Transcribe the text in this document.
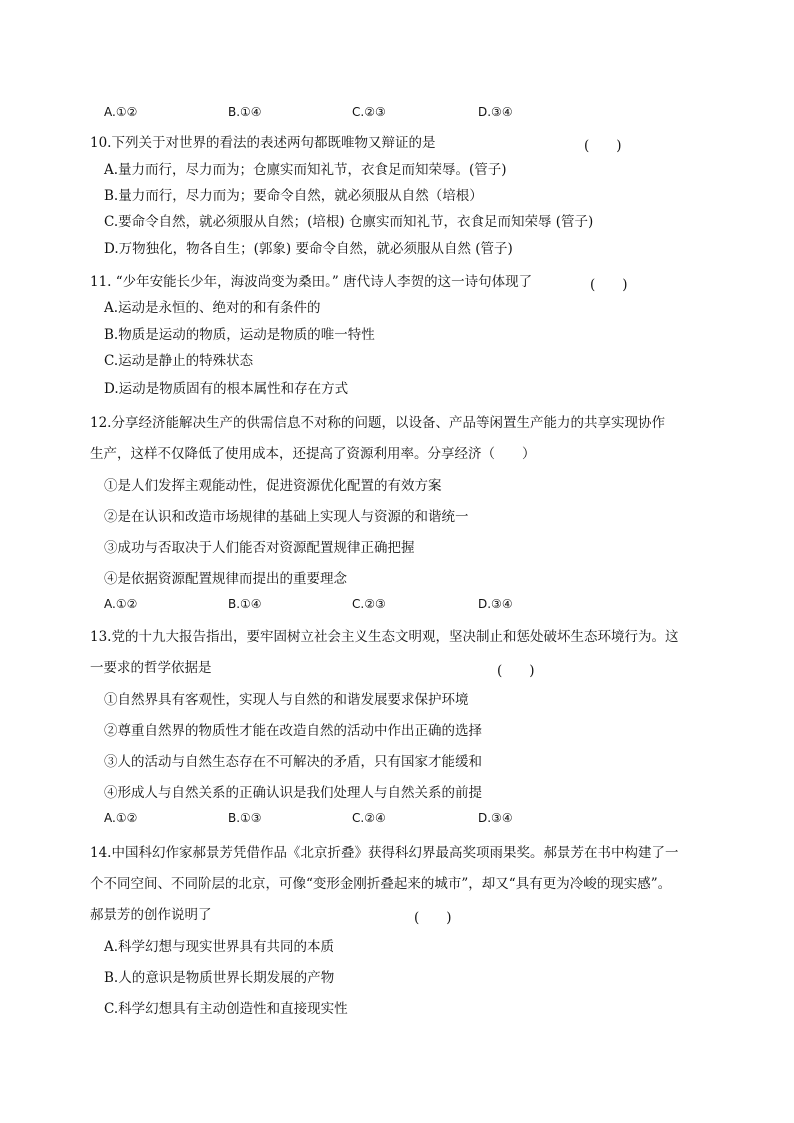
A.①②	B.①④	C.②③	D.③④
10.下列关于对世界的看法的表述两句都既唯物又辩证的是	(　　)
A.量力而行，尽力而为；仓廪实而知礼节，衣食足而知荣辱。(管子)
B.量力而行，尽力而为；要命令自然，就必须服从自然（培根）
C.要命令自然，就必须服从自然；(培根) 仓廪实而知礼节，衣食足而知荣辱 (管子)
D.万物独化，物各自生；(郭象) 要命令自然，就必须服从自然 (管子)
11. “少年安能长少年，海波尚变为桑田。” 唐代诗人李贺的这一诗句体现了	(　　)
A.运动是永恒的、绝对的和有条件的
B.物质是运动的物质，运动是物质的唯一特性
C.运动是静止的特殊状态
D.运动是物质固有的根本属性和存在方式
12.分享经济能解决生产的供需信息不对称的问题，以设备、产品等闲置生产能力的共享实现协作
生产，这样不仅降低了使用成本，还提高了资源利用率。分享经济（　　）
①是人们发挥主观能动性，促进资源优化配置的有效方案
②是在认识和改造市场规律的基础上实现人与资源的和谐统一
③成功与否取决于人们能否对资源配置规律正确把握
④是依据资源配置规律而提出的重要理念
A.①②	B.①④	C.②③	D.③④
13.党的十九大报告指出，要牢固树立社会主义生态文明观，坚决制止和惩处破坏生态环境行为。这
一要求的哲学依据是	(　　)
①自然界具有客观性，实现人与自然的和谐发展要求保护环境
②尊重自然界的物质性才能在改造自然的活动中作出正确的选择
③人的活动与自然生态存在不可解决的矛盾，只有国家才能缓和
④形成人与自然关系的正确认识是我们处理人与自然关系的前提
A.①②	B.①③	C.②④	D.③④
14.中国科幻作家郝景芳凭借作品《北京折叠》获得科幻界最高奖项雨果奖。郝景芳在书中构建了一
个不同空间、不同阶层的北京，可像“变形金刚折叠起来的城市”，却又“具有更为冷峻的现实感”。
郝景芳的创作说明了	(　　)
A.科学幻想与现实世界具有共同的本质
B.人的意识是物质世界长期发展的产物
C.科学幻想具有主动创造性和直接现实性
